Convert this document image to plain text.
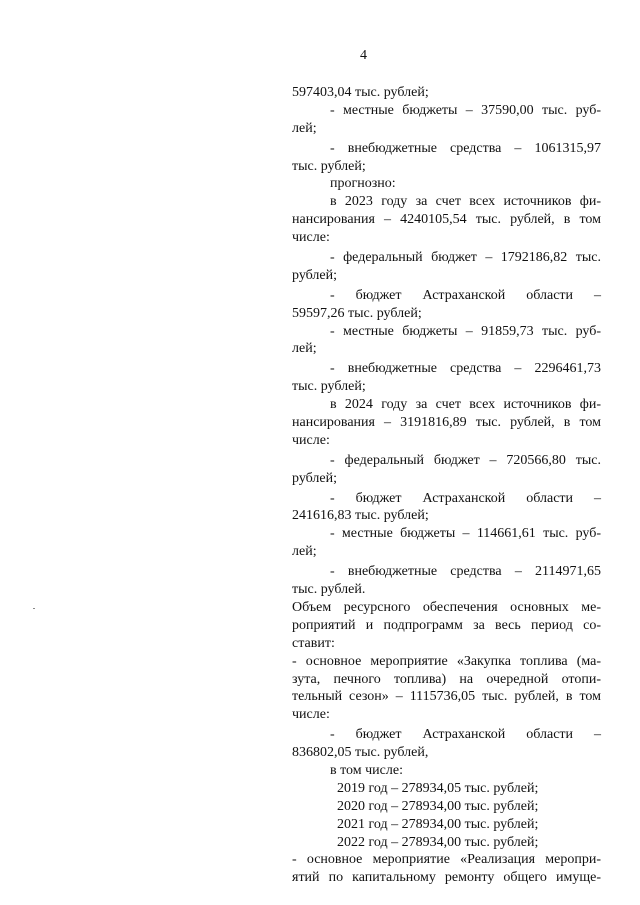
4
597403,04 тыс. рублей;
- местные бюджеты – 37590,00 тыс. руб-
лей;
- внебюджетные средства – 1061315,97
тыс. рублей;
прогнозно:
в 2023 году за счет всех источников фи-
нансирования – 4240105,54 тыс. рублей, в том
числе:
- федеральный бюджет – 1792186,82 тыс.
рублей;
- бюджет Астраханской области –
59597,26 тыс. рублей;
- местные бюджеты – 91859,73 тыс. руб-
лей;
- внебюджетные средства – 2296461,73
тыс. рублей;
в 2024 году за счет всех источников фи-
нансирования – 3191816,89 тыс. рублей, в том
числе:
- федеральный бюджет – 720566,80 тыс.
рублей;
- бюджет Астраханской области –
241616,83 тыс. рублей;
- местные бюджеты – 114661,61 тыс. руб-
лей;
- внебюджетные средства – 2114971,65
тыс. рублей.
Объем ресурсного обеспечения основных ме-
роприятий и подпрограмм за весь период со-
ставит:
- основное мероприятие «Закупка топлива (ма-
зута, печного топлива) на очередной отопи-
тельный сезон» – 1115736,05 тыс. рублей, в том
числе:
- бюджет Астраханской области –
836802,05 тыс. рублей,
в том числе:
2019 год – 278934,05 тыс. рублей;
2020 год – 278934,00 тыс. рублей;
2021 год – 278934,00 тыс. рублей;
2022 год – 278934,00 тыс. рублей;
- основное мероприятие «Реализация меропри-
ятий по капитальному ремонту общего имуще-
